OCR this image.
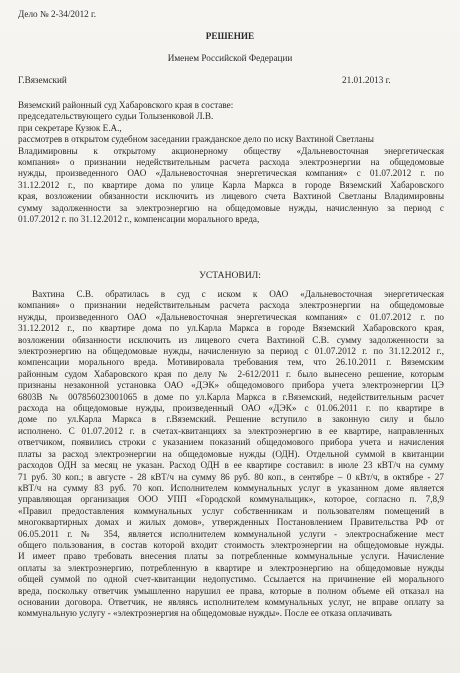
Дело № 2-34/2012 г.
РЕШЕНИЕ
Именем Российской Федерации
Г.Вяземский	21.01.2013 г.
Вяземский районный суд Хабаровского края в составе:
председательствующего судьи Толызенковой Л.В.
при секретаре Кузюк Е.А.,
рассмотрев в открытом судебном заседании гражданское дело по иску Вахтиной Светланы
Владимировны к открытому акционерному обществу «Дальневосточная энергетическая
компания» о признании недействительным расчета расхода электроэнергии на общедомовые
нужды, произведенного ОАО «Дальневосточная энергетическая компания» с 01.07.2012 г. по
31.12.2012 г., по квартире дома по улице Карла Маркса в городе Вяземский Хабаровского
края, возложении обязанности исключить из лицевого счета Вахтиной Светланы Владимировны
сумму задолженности за электроэнергию на общедомовые нужды, начисленную за период с
01.07.2012 г. по 31.12.2012 г., компенсации морального вреда,
УСТАНОВИЛ:
Вахтина С.В. обратилась в суд с иском к ОАО «Дальневосточная энергетическая
компания» о признании недействительным расчета расхода электроэнергии на общедомовые
нужды, произведенного ОАО «Дальневосточная энергетическая компания» с 01.07.2012 г. по
31.12.2012 г., по квартире дома по ул.Карла Маркса в городе Вяземский Хабаровского края,
возложении обязанности исключить из лицевого счета Вахтиной С.В. сумму задолженности за
электроэнергию на общедомовые нужды, начисленную за период с 01.07.2012 г. по 31.12.2012 г.,
компенсации морального вреда. Мотивировала требования тем, что 26.10.2011 г. Вяземским
районным судом Хабаровского края по делу № 2-612/2011 г. было вынесено решение, которым
признаны незаконной установка ОАО «ДЭК» общедомового прибора учета электроэнергии ЦЭ
6803В № 007856023001065 в доме по ул.Карла Маркса в г.Вяземский, недействительным расчет
расхода на общедомовые нужды, произведенный ОАО «ДЭК» с 01.06.2011 г. по квартире в
доме по ул.Карла Маркса в г.Вяземский. Решение вступило в законную силу и было
исполнено. С 01.07.2012 г. в счетах-квитанциях за электроэнергию в ее квартире, направленных
ответчиком, появились строки с указанием показаний общедомового прибора учета и начисления
платы за расход электроэнергии на общедомовые нужды (ОДН). Отдельной суммой в квитанции
расходов ОДН за месяц не указан. Расход ОДН в ее квартире составил: в июле 23 кВТ/ч на сумму
71 руб. 30 коп.; в августе - 28 кВТ/ч на сумму 86 руб. 80 коп., в сентябре – 0 кВт/ч, в октябре - 27
кВТ/ч на сумму 83 руб. 70 коп. Исполнителем коммунальных услуг в указанном доме является
управляющая организация ООО УПП «Городской коммунальщик», которое, согласно п. 7,8,9
«Правил предоставления коммунальных услуг собственникам и пользователям помещений в
многоквартирных домах и жилых домов», утвержденных Постановлением Правительства РФ от
06.05.2011 г. № 354, является исполнителем коммунальной услуги - электроснабжение мест
общего пользования, в состав которой входит стоимость электроэнергии на общедомовые нужды.
И имеет право требовать внесения платы за потребленные коммунальные услуги. Начисление
оплаты за электроэнергию, потребленную в квартире и электроэнергию на общедомовые нужды
общей суммой по одной счет-квитанции недопустимо. Ссылается на причинение ей морального
вреда, поскольку ответчик умышленно нарушил ее права, которые в полном объеме ей отказал на
основании договора. Ответчик, не являясь исполнителем коммунальных услуг, не вправе оплату за
коммунальную услугу - «электроэнергия на общедомовые нужды». После ее отказа оплачивать
